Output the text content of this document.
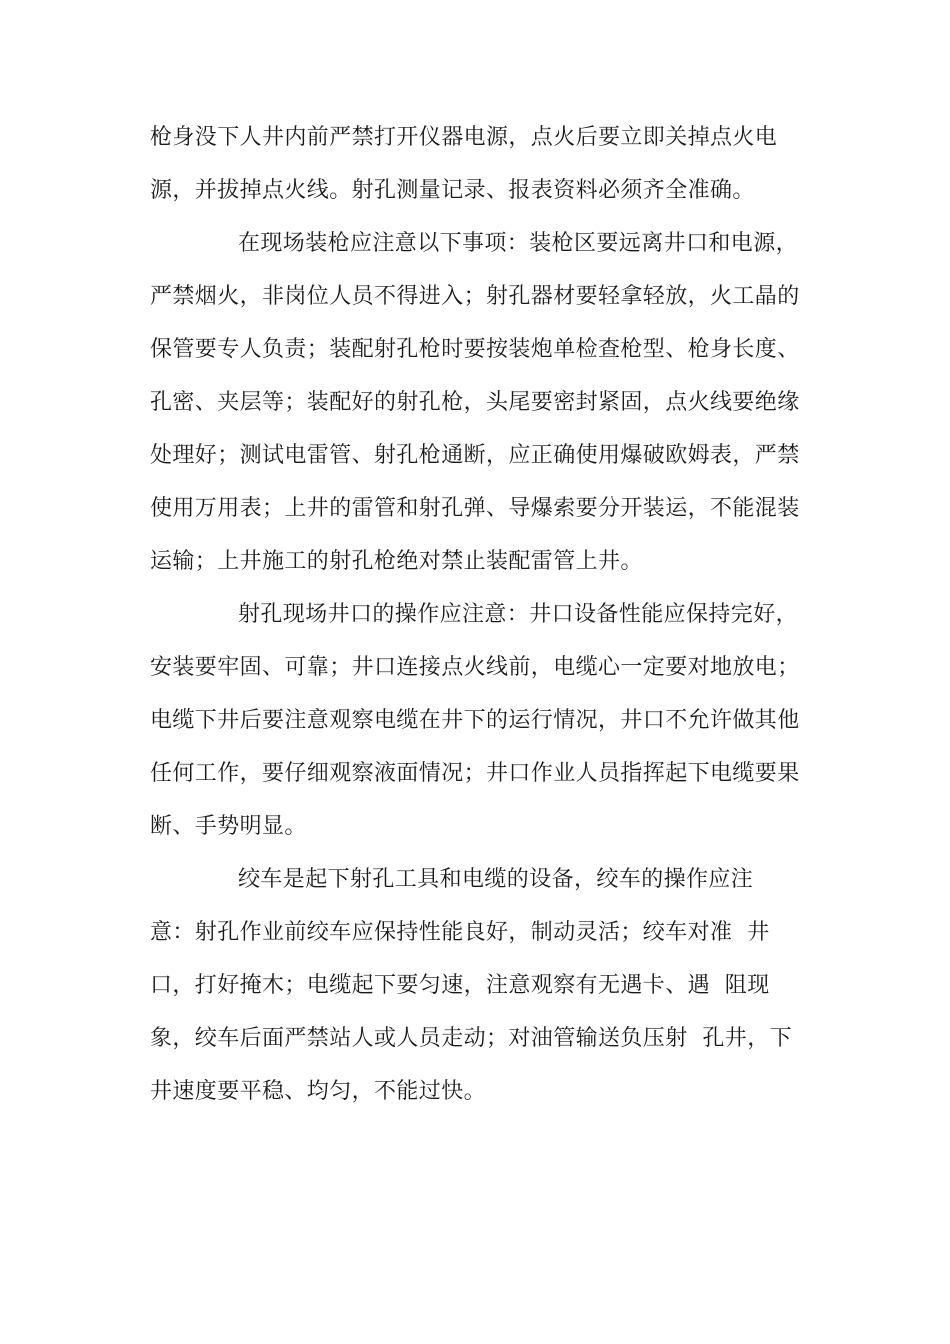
枪身没下人井内前严禁打开仪器电源，点火后要立即关掉点火电
源，并拔掉点火线。射孔测量记录、报表资料必须齐全准确。
在现场装枪应注意以下事项：装枪区要远离井口和电源，
严禁烟火，非岗位人员不得进入；射孔器材要轻拿轻放，火工晶的
保管要专人负责；装配射孔枪时要按装炮单检查枪型、枪身长度、
孔密、夹层等；装配好的射孔枪，头尾要密封紧固，点火线要绝缘
处理好；测试电雷管、射孔枪通断，应正确使用爆破欧姆表，严禁
使用万用表；上井的雷管和射孔弹、导爆索要分开装运，不能混装
运输；上井施工的射孔枪绝对禁止装配雷管上井。
射孔现场井口的操作应注意：井口设备性能应保持完好，
安装要牢固、可靠；井口连接点火线前，电缆心一定要对地放电；
电缆下井后要注意观察电缆在井下的运行情况，井口不允许做其他
任何工作，要仔细观察液面情况；井口作业人员指挥起下电缆要果
断、手势明显。
绞车是起下射孔工具和电缆的设备，绞车的操作应注
意：射孔作业前绞车应保持性能良好，制动灵活；绞车对准  井
口，打好掩木；电缆起下要匀速，注意观察有无遇卡、遇  阻现
象，绞车后面严禁站人或人员走动；对油管输送负压射  孔井，下
井速度要平稳、均匀，不能过快。
